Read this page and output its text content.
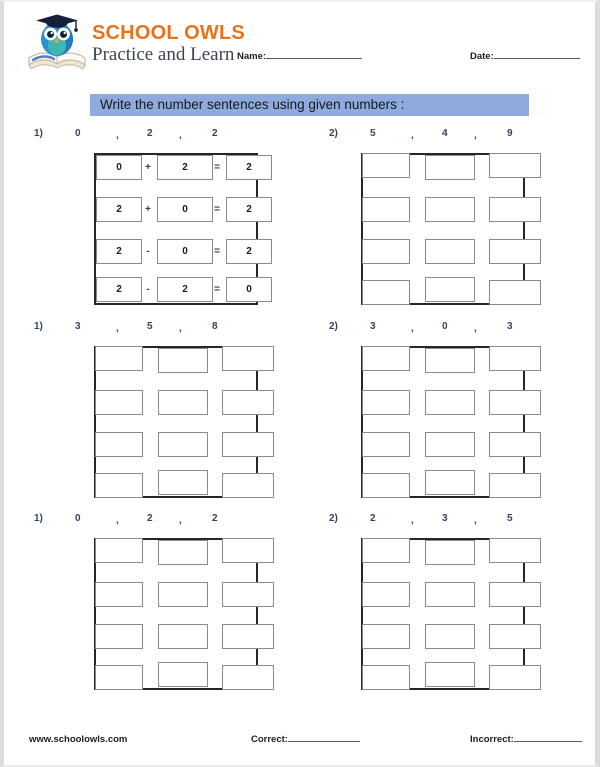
SCHOOL OWLS
Practice and Learn Name:	Date:
Write the number sentences using given numbers :
1)	0	,	2	,	2
0	+	2	=	2
2	+	0	=	2
2	-	0	=	2
2	-	2	=	0
2)	5	,	4	,	9
1)	3	,	5	,	8	2)	3	,	0	,	3
1)	0	,	2	,	2	2)	2	,	3	,	5
www.schoolowls.com	Correct:	Incorrect:
